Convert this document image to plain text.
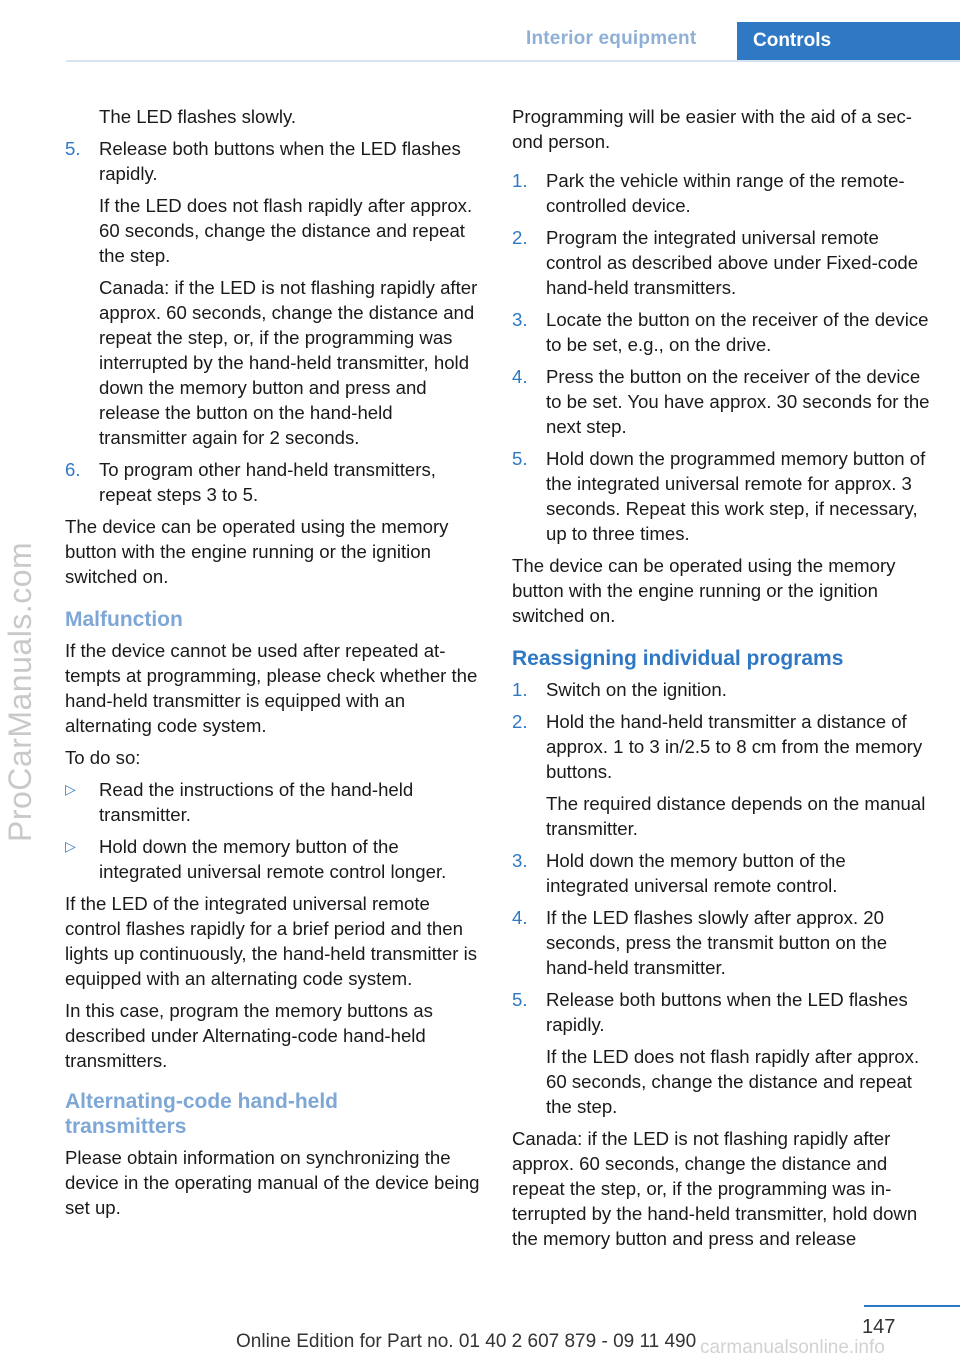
Interior equipment	Controls
ProCarManuals.com
The LED flashes slowly.
5. Release both buttons when the LED flashes rapidly.
If the LED does not flash rapidly after approx. 60 seconds, change the distance and repeat the step.
Canada: if the LED is not flashing rapidly after approx. 60 seconds, change the distance and repeat the step, or, if the programming was interrupted by the hand-held transmitter, hold down the memory button and press and release the button on the hand-held transmitter again for 2 seconds.
6. To program other hand-held transmitters, repeat steps 3 to 5.
The device can be operated using the memory button with the engine running or the ignition switched on.
Malfunction
If the device cannot be used after repeated attempts at programming, please check whether the hand-held transmitter is equipped with an alternating code system.
To do so:
▷ Read the instructions of the hand-held transmitter.
▷ Hold down the memory button of the integrated universal remote control longer.
If the LED of the integrated universal remote control flashes rapidly for a brief period and then lights up continuously, the hand-held transmitter is equipped with an alternating code system.
In this case, program the memory buttons as described under Alternating-code hand-held transmitters.
Alternating-code hand-held transmitters
Please obtain information on synchronizing the device in the operating manual of the device being set up.
Programming will be easier with the aid of a second person.
1. Park the vehicle within range of the remote-controlled device.
2. Program the integrated universal remote control as described above under Fixed-code hand-held transmitters.
3. Locate the button on the receiver of the device to be set, e.g., on the drive.
4. Press the button on the receiver of the device to be set. You have approx. 30 seconds for the next step.
5. Hold down the programmed memory button of the integrated universal remote for approx. 3 seconds. Repeat this work step, if necessary, up to three times.
The device can be operated using the memory button with the engine running or the ignition switched on.
Reassigning individual programs
1. Switch on the ignition.
2. Hold the hand-held transmitter a distance of approx. 1 to 3 in/2.5 to 8 cm from the memory buttons.
The required distance depends on the manual transmitter.
3. Hold down the memory button of the integrated universal remote control.
4. If the LED flashes slowly after approx. 20 seconds, press the transmit button on the hand-held transmitter.
5. Release both buttons when the LED flashes rapidly.
If the LED does not flash rapidly after approx. 60 seconds, change the distance and repeat the step.
Canada: if the LED is not flashing rapidly after approx. 60 seconds, change the distance and repeat the step, or, if the programming was interrupted by the hand-held transmitter, hold down the memory button and press and release
147
Online Edition for Part no. 01 40 2 607 879 - 09 11 490 carmanualsonline.info
